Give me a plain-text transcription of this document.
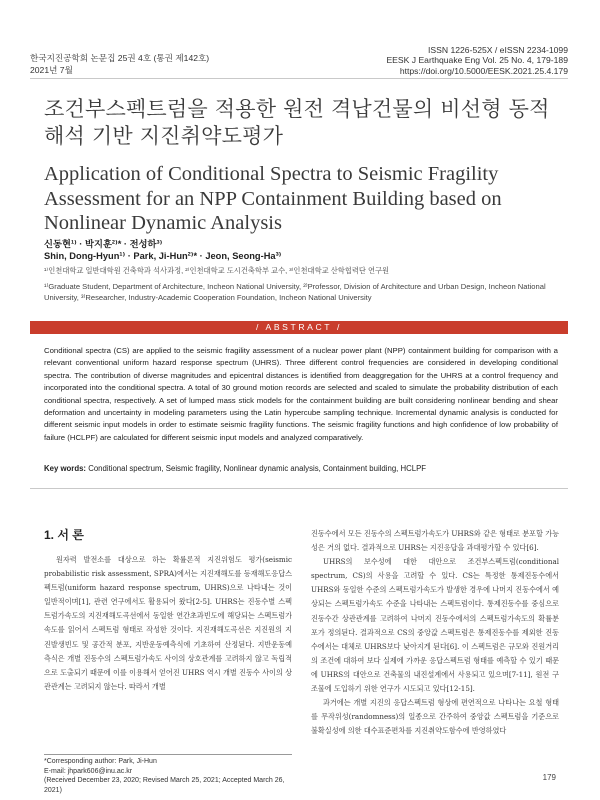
한국지진공학회 논문집 25권 4호 (통권 제142호)
2021년 7월
ISSN 1226-525X / eISSN 2234-1099
EESK J Earthquake Eng Vol. 25 No. 4, 179-189
https://doi.org/10.5000/EESK.2021.25.4.179
조건부스펙트럼을 적용한 원전 격납건물의 비선형 동적 해석 기반 지진취약도평가
Application of Conditional Spectra to Seismic Fragility Assessment for an NPP Containment Building based on Nonlinear Dynamic Analysis
신동현¹⁾ · 박지훈²⁾* · 전성하³⁾
Shin, Dong-Hyun¹⁾ · Park, Ji-Hun²⁾* · Jeon, Seong-Ha³⁾
¹⁾인천대학교 일반대학원 건축학과 석사과정, ²⁾인천대학교 도시건축학부 교수, ³⁾인천대학교 산학협력단 연구원
¹⁾Graduate Student, Department of Architecture, Incheon National University, ²⁾Professor, Division of Architecture and Urban Design, Incheon National University, ³⁾Researcher, Industry-Academic Cooperation Foundation, Incheon National University
/ ABSTRACT /
Conditional spectra (CS) are applied to the seismic fragility assessment of a nuclear power plant (NPP) containment building for comparison with a relevant conventional uniform hazard response spectrum (UHRS). Three different control frequencies are considered in developing conditional spectra. The contribution of diverse magnitudes and epicentral distances is identified from deaggregation for the UHRS at a control frequency and incorporated into the conditional spectra. A total of 30 ground motion records are selected and scaled to simulate the probability distribution of each conditional spectra, respectively. A set of lumped mass stick models for the containment building are built considering nonlinear bending and shear deformation and uncertainty in modeling parameters using the Latin hypercube sampling technique. Incremental dynamic analysis is conducted for different seismic input models in order to estimate seismic fragility functions. The seismic fragility functions and high confidence of low probability of failure (HCLPF) are calculated for different seismic input models and analyzed comparatively.
Key words: Conditional spectrum, Seismic fragility, Nonlinear dynamic analysis, Containment building, HCLPF
1. 서 론

원자력 발전소를 대상으로 하는 확률론적 지진위험도 평가(seismic probabilistic risk assessment, SPRA)에서는 지진재해도를 등재해도응답스펙트럼(uniform hazard response spectrum, UHRS)으로 나타내는 것이 일반적이며[1], 관련 연구에서도 활용되어 왔다[2-5]. UHRS는 진동수별 스펙트럼가속도의 지진재해도곡선에서 동일한 연간초과빈도에 해당되는 스펙트럼가속도를 읽어서 스펙트럼 형태로 작성한 것이다. 지진재해도곡선은 지진원의 지진발생빈도 및 공간적 분포, 지반운동예측식에 기초하여 산정된다. 지반운동예측식은 개별 진동수의 스펙트럼가속도 사이의 상호관계를 고려하지 않고 독립적으로 도출되기 때문에 이를 이용해서 얻어진 UHRS 역시 개별 진동수 사이의 상관관계는 고려되지 않는다. 따라서 개별

진동수에서 모든 진동수의 스펙트럼가속도가 UHRS와 같은 형태로 분포할 가능성은 거의 없다. 결과적으로 UHRS는 지진응답을 과대평가할 수 있다[6].

UHRS의 보수성에 대한 대안으로 조건부스펙트럼(conditional spectrum, CS)의 사용을 고려할 수 있다. CS는 특정한 통제진동수에서 UHRS와 동일한 수준의 스펙트럼가속도가 발생한 경우에 나머지 진동수에서 예상되는 스펙트럼가속도 수준을 나타내는 스펙트럼이다. 통제진동수를 중심으로 진동수간 상관관계를 고려하여 나머지 진동수에서의 스펙트럼가속도의 확률분포가 정의된다. 결과적으로 CS의 중앙값 스펙트럼은 통제진동수를 제외한 진동수에서는 대체로 UHRS보다 낮아지게 된다[6]. 이 스펙트럼은 규모와 진원거리의 조건에 대하여 보다 실제에 가까운 응답스펙트럼 형태를 예측할 수 있기 때문에 UHRS의 대안으로 건축물의 내진설계에서 사용되고 있으며[7-11], 원전 구조물에 도입하기 위한 연구가 시도되고 있다[12-15].

과거에는 개별 지진의 응답스펙트럼 형상에 편연적으로 나타나는 요철 형태를 무작위성(randomness)의 일종으로 간주하여 중앙값 스펙트럼을 기준으로 불확실성에 의한 대수표준편차를 지진취약도함수에 반영하였다

*Corresponding author: Park, Ji-Hun
E-mail: jhpark606@inu.ac.kr
(Received December 23, 2020; Revised March 25, 2021; Accepted March 26, 2021)
179
